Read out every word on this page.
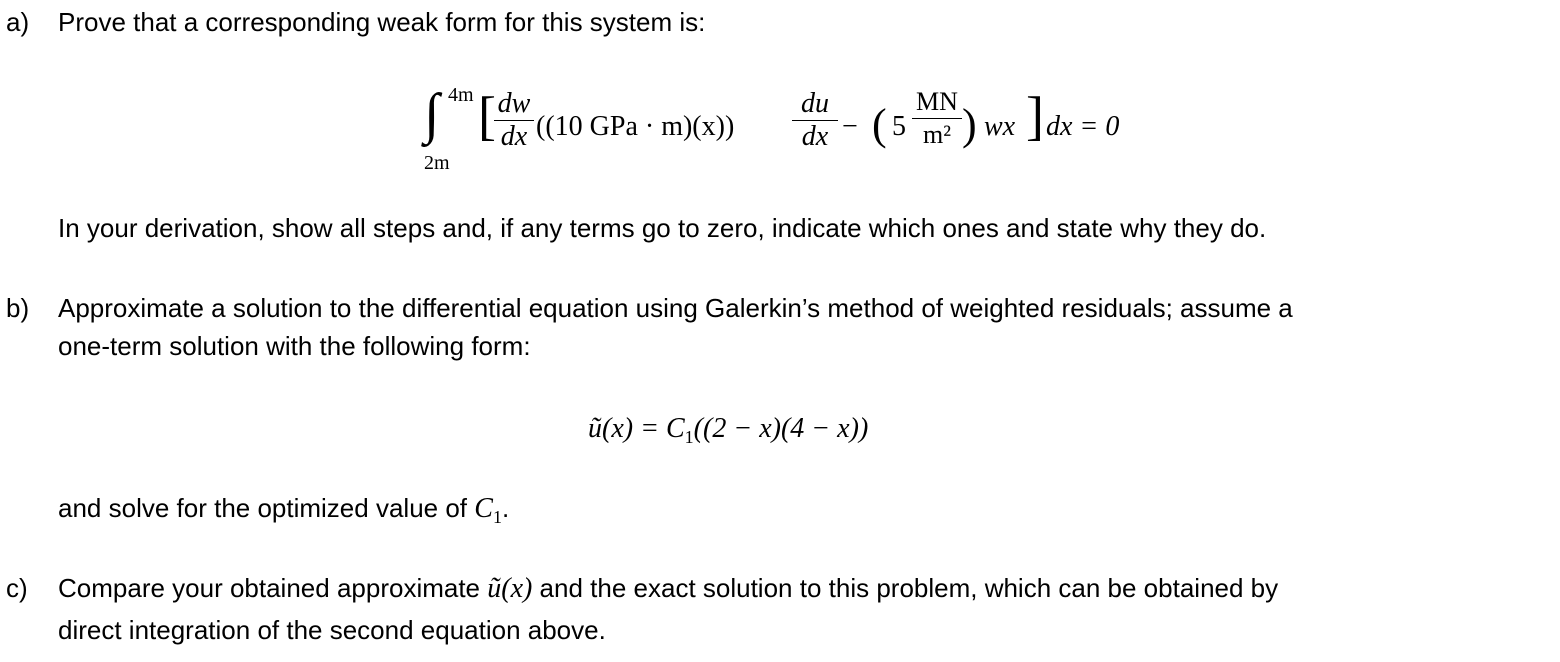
a) Prove that a corresponding weak form for this system is:
∫ 4m
2m
[ dw
dx ((10 GPa · m)(x))
du
dx − ( 5
MN
m² ) wx ] dx = 0
In your derivation, show all steps and, if any terms go to zero, indicate which ones and state why they do.
b) Approximate a solution to the differential equation using Galerkin’s method of weighted residuals; assume a
one-term solution with the following form:
ũ(x) = $C_1((2 - x)(4 - x))$
and solve for the optimized value of $C_1$.
c) Compare your obtained approximate ũ(x) and the exact solution to this problem, which can be obtained by
direct integration of the second equation above.
